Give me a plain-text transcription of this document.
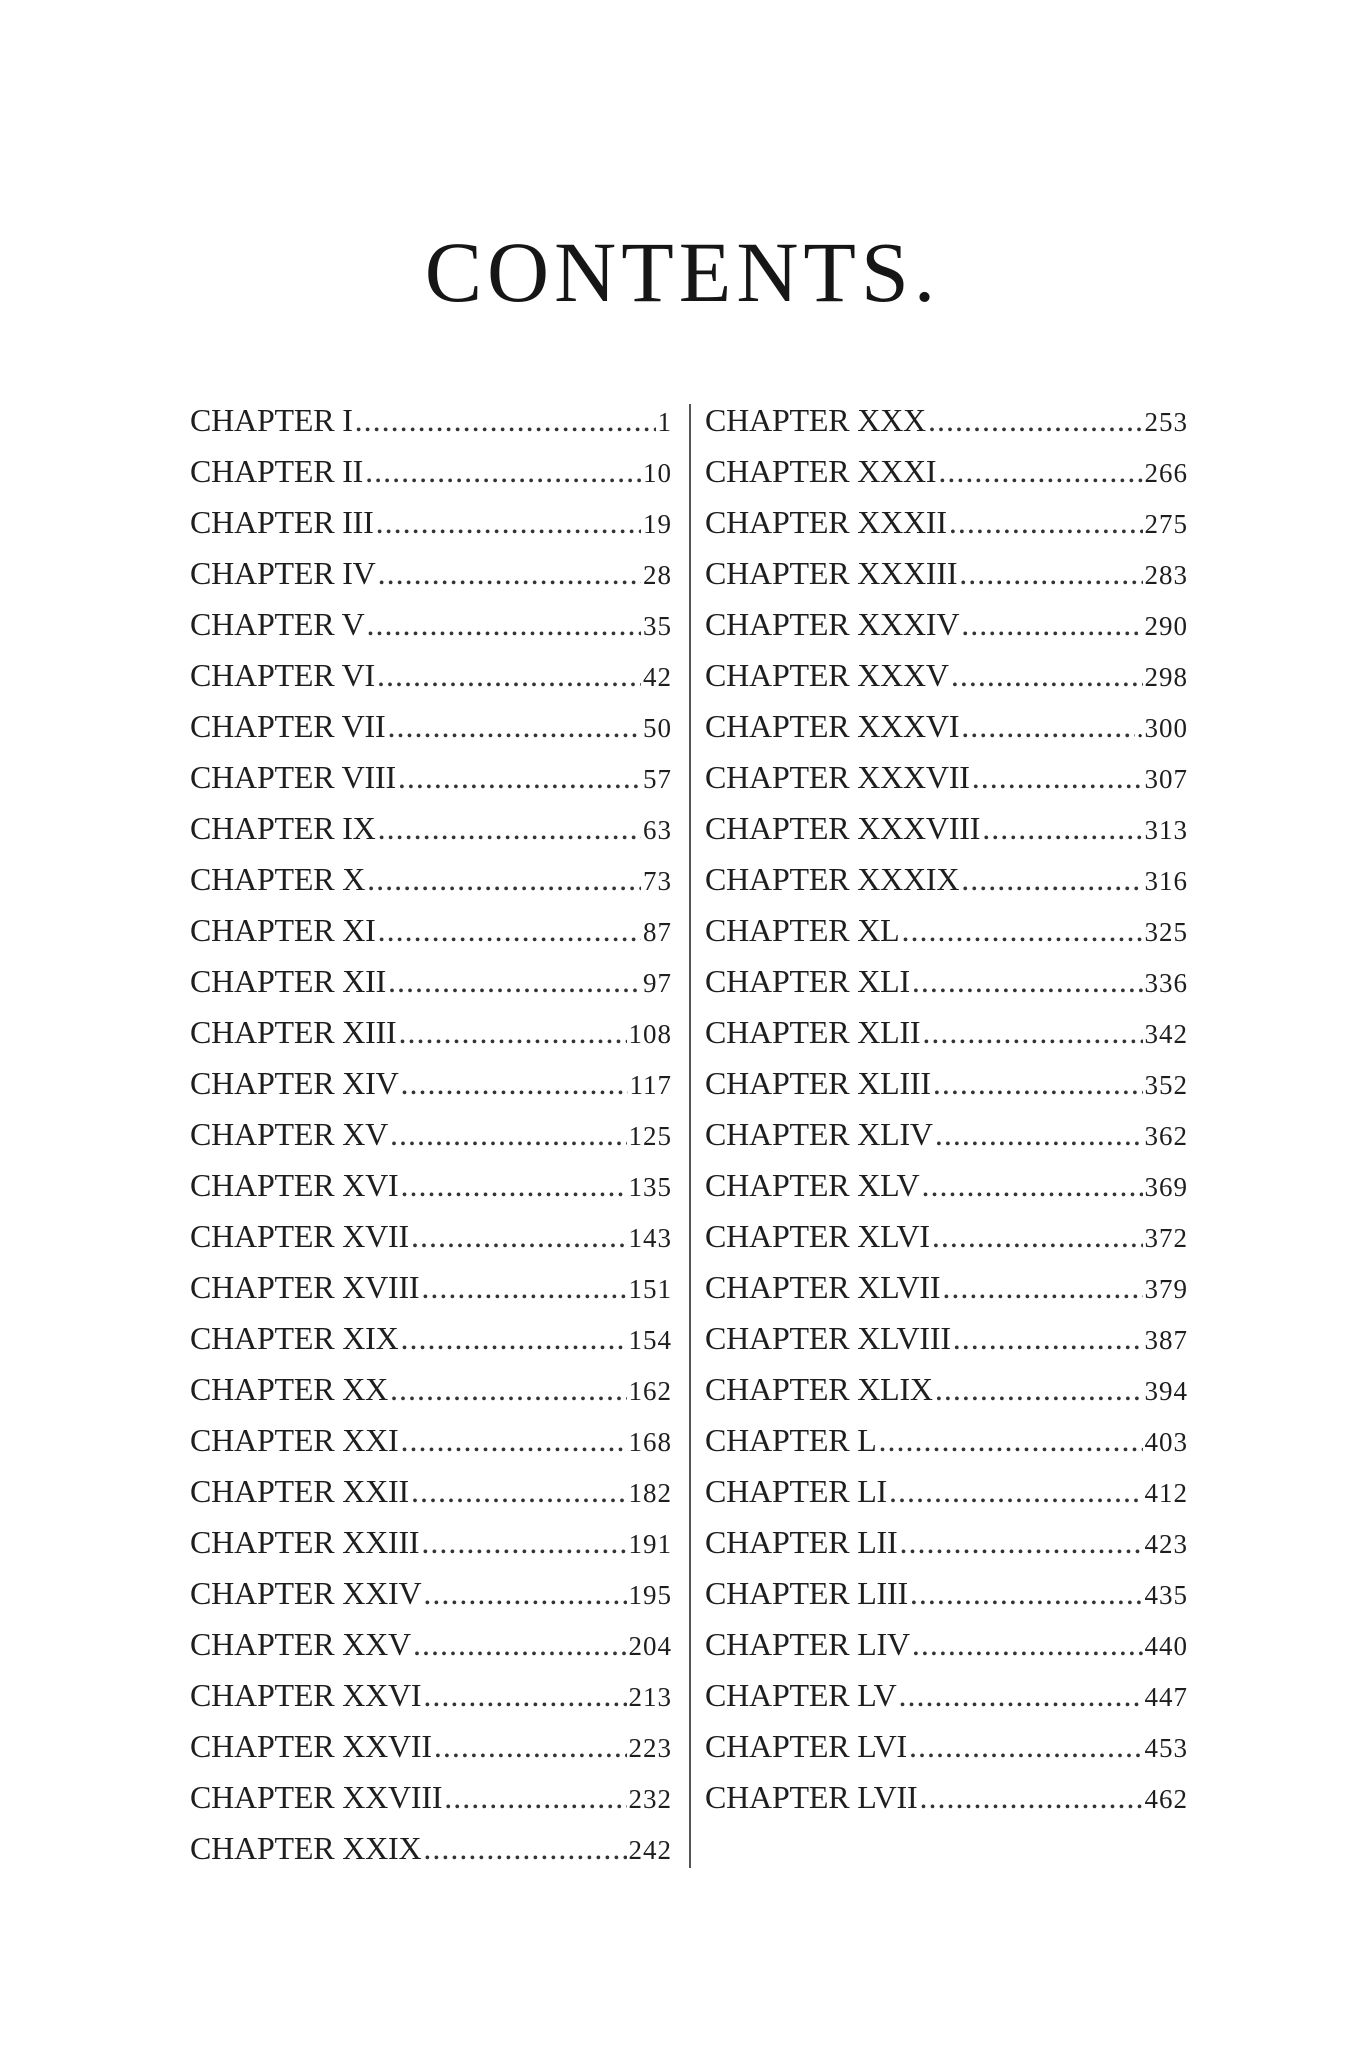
CONTENTS.
CHAPTER I .....	1
CHAPTER II .....	10
CHAPTER III .....	19
CHAPTER IV .....	28
CHAPTER V .....	35
CHAPTER VI .....	42
CHAPTER VII .....	50
CHAPTER VIII .....	57
CHAPTER IX .....	63
CHAPTER X .....	73
CHAPTER XI .....	87
CHAPTER XII .....	97
CHAPTER XIII .....	108
CHAPTER XIV .....	117
CHAPTER XV .....	125
CHAPTER XVI .....	135
CHAPTER XVII .....	143
CHAPTER XVIII .....	151
CHAPTER XIX .....	154
CHAPTER XX .....	162
CHAPTER XXI .....	168
CHAPTER XXII .....	182
CHAPTER XXIII .....	191
CHAPTER XXIV .....	195
CHAPTER XXV .....	204
CHAPTER XXVI .....	213
CHAPTER XXVII .....	223
CHAPTER XXVIII .....	232
CHAPTER XXIX .....	242
CHAPTER XXX .....	253
CHAPTER XXXI .....	266
CHAPTER XXXII .....	275
CHAPTER XXXIII .....	283
CHAPTER XXXIV .....	290
CHAPTER XXXV .....	298
CHAPTER XXXVI .....	.300
CHAPTER XXXVII .....	307
CHAPTER XXXVIII .....	313
CHAPTER XXXIX .....	316
CHAPTER XL .....	325
CHAPTER XLI .....	336
CHAPTER XLII .....	342
CHAPTER XLIII .....	352
CHAPTER XLIV .....	362
CHAPTER XLV .....	369
CHAPTER XLVI .....	372
CHAPTER XLVII .....	379
CHAPTER XLVIII .....	387
CHAPTER XLIX .....	394
CHAPTER L .....	403
CHAPTER LI .....	412
CHAPTER LII .....	423
CHAPTER LIII .....	435
CHAPTER LIV .....	440
CHAPTER LV .....	447
CHAPTER LVI .....	453
CHAPTER LVII .....	462
